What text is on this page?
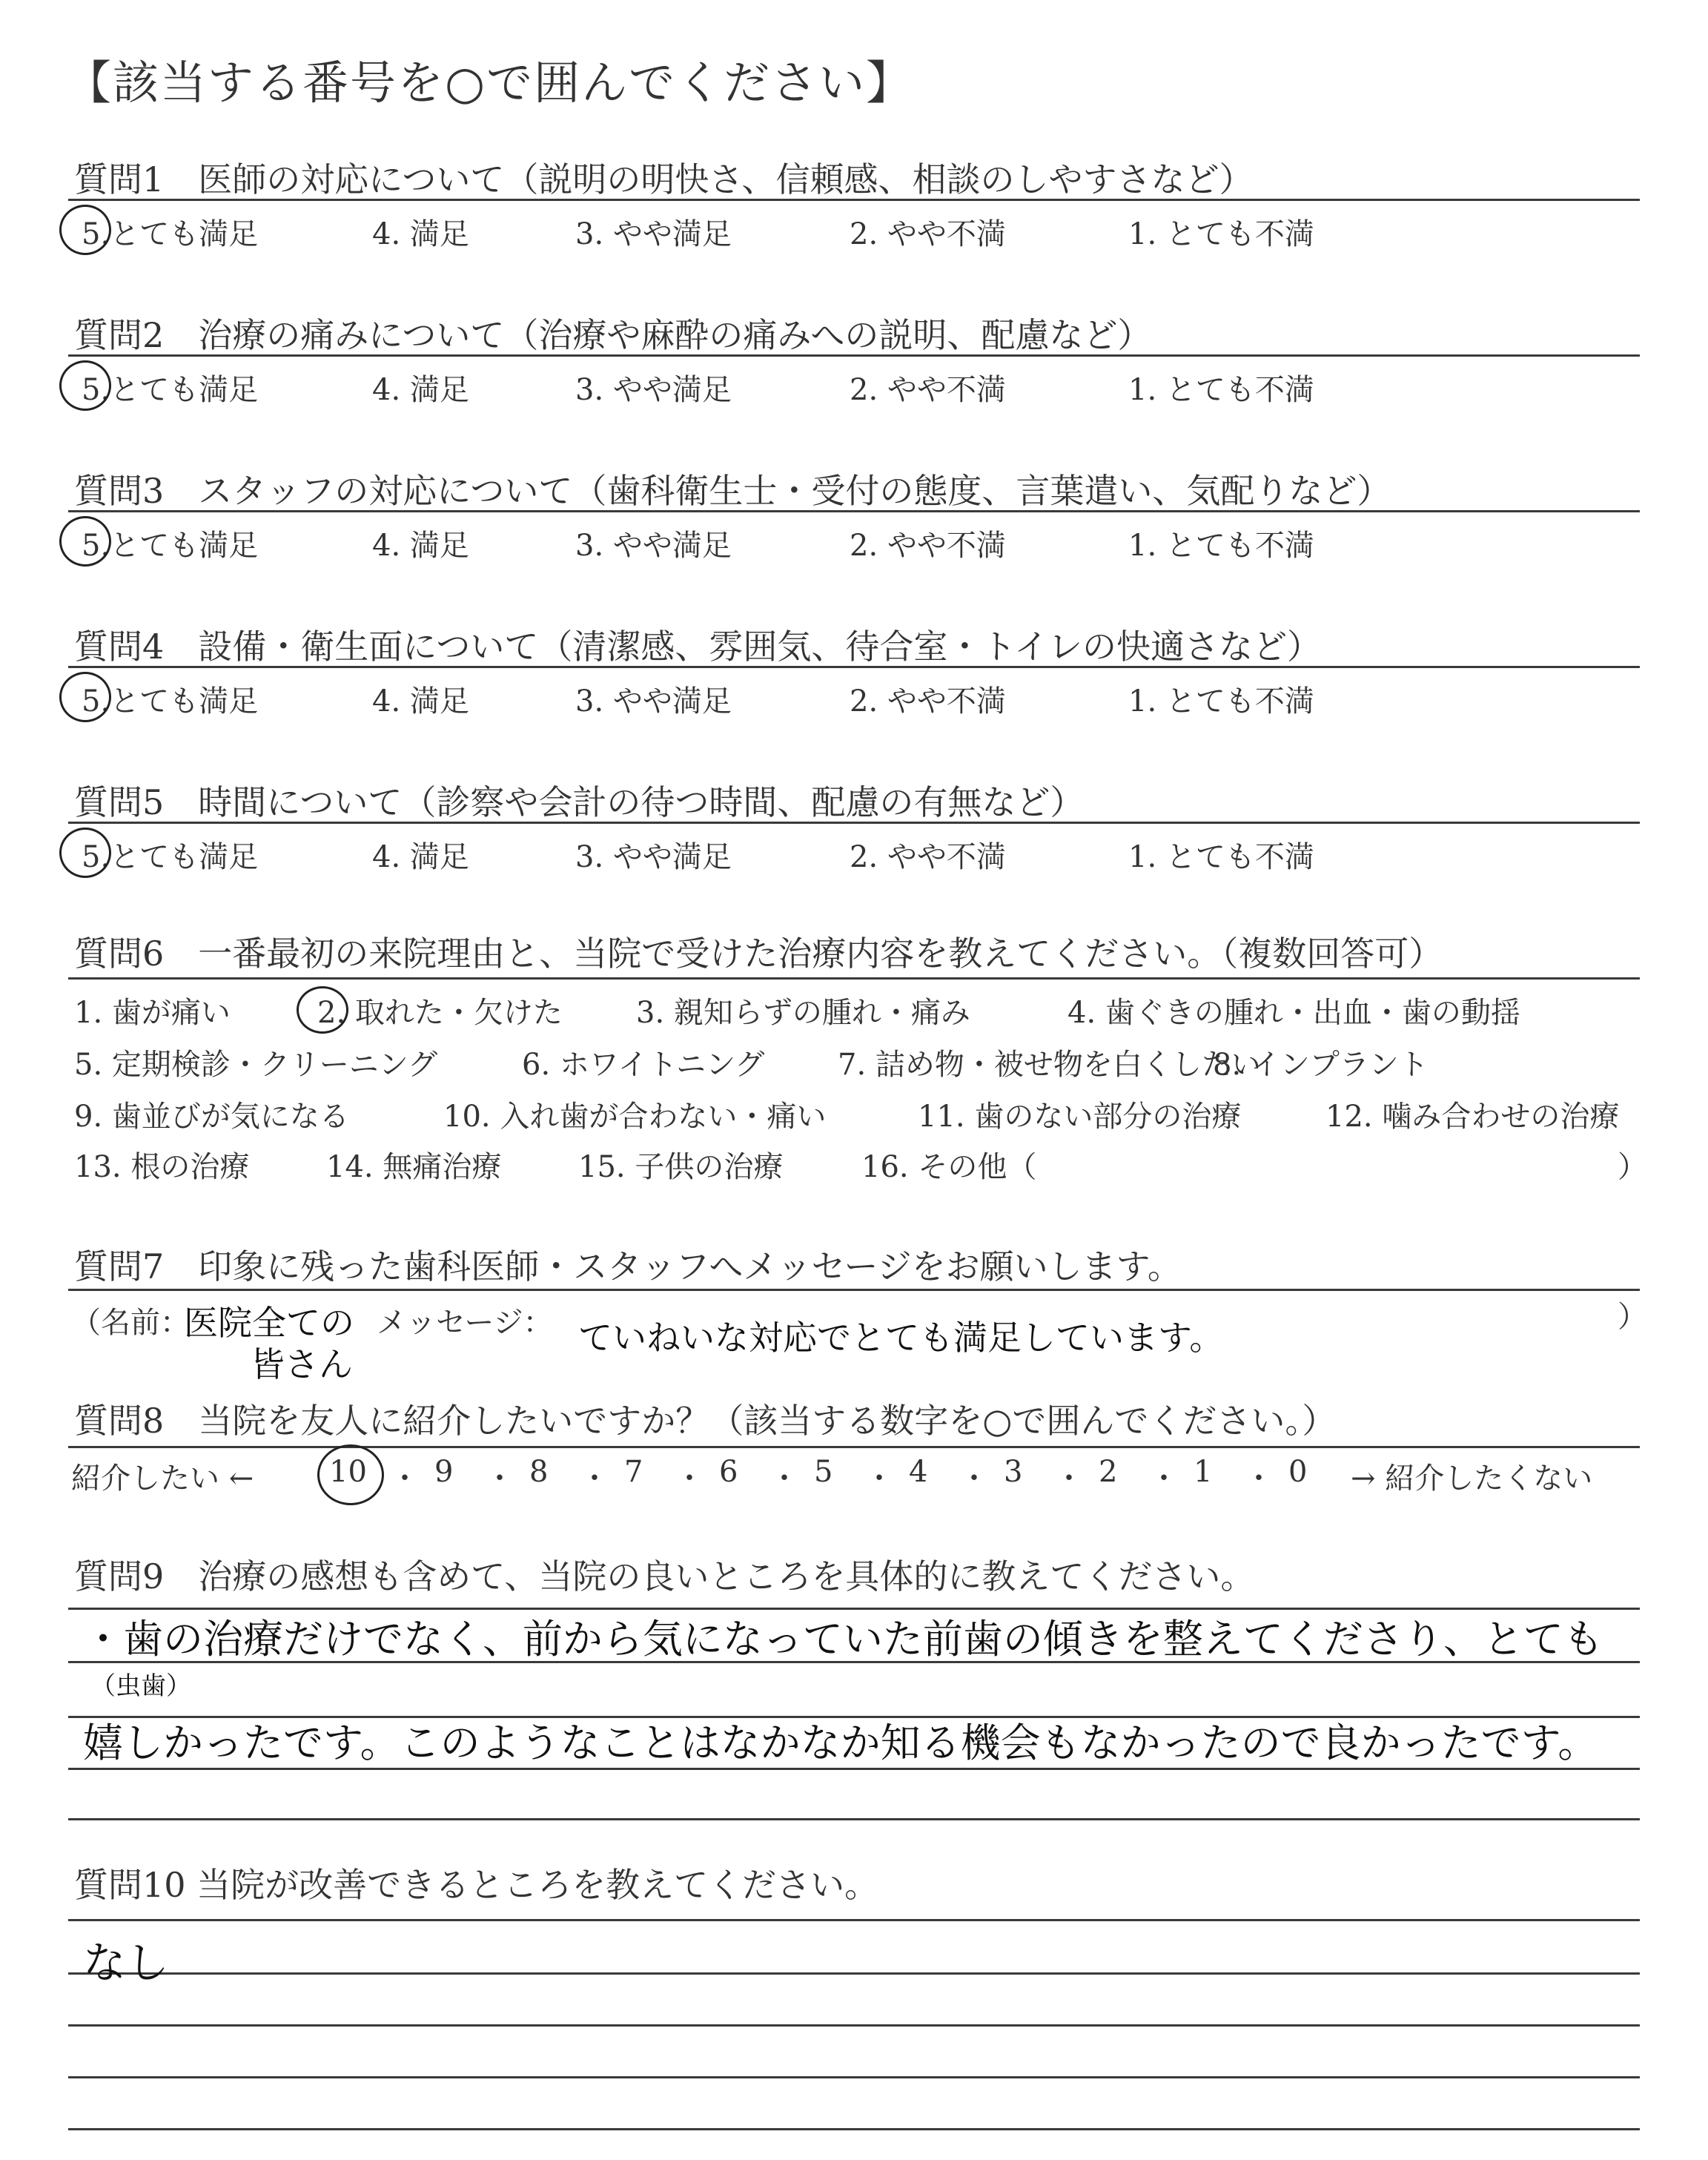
【該当する番号を○で囲んでください】
質問1　医師の対応について（説明の明快さ、信頼感、相談のしやすさなど）
5.とても満足	4. 満足	3. やや満足	2. やや不満	1. とても不満
質問2　治療の痛みについて（治療や麻酔の痛みへの説明、配慮など）
5.とても満足	4. 満足	3. やや満足	2. やや不満	1. とても不満
質問3　スタッフの対応について（歯科衛生士・受付の態度、言葉遣い、気配りなど）
5.とても満足	4. 満足	3. やや満足	2. やや不満	1. とても不満
質問4　設備・衛生面について（清潔感、雰囲気、待合室・トイレの快適さなど）
5.とても満足	4. 満足	3. やや満足	2. やや不満	1. とても不満
質問5　時間について（診察や会計の待つ時間、配慮の有無など）
5.とても満足	4. 満足	3. やや満足	2. やや不満	1. とても不満
質問6　一番最初の来院理由と、当院で受けた治療内容を教えてください。（複数回答可）
1. 歯が痛い	2. 取れた・欠けた 3. 親知らずの腫れ・痛み	4. 歯ぐきの腫れ・出血・歯の動揺
5. 定期検診・クリーニング	6. ホワイトニング 7. 詰め物・被せ物を白くしたい
8. インプラント
9. 歯並びが気になる	10. 入れ歯が合わない・痛い	11. 歯のない部分の治療	12. 噛み合わせの治療
13. 根の治療	14. 無痛治療	15. 子供の治療	16. その他（	）
質問7　印象に残った歯科医師・スタッフへメッセージをお願いします。
（名前：
医院全ての
皆さん
メッセージ： ていねいな対応でとても満足しています。
）
質問8　当院を友人に紹介したいですか？（該当する数字を○で囲んでください。）
紹介したい ←	10 ・ 9 ・ 8 ・ 7 ・ 6 ・ 5 ・ 4 ・ 3 ・ 2 ・ 1 ・ 0 → 紹介したくない
質問9　治療の感想も含めて、当院の良いところを具体的に教えてください。
・歯の治療だけでなく、前から気になっていた前歯の傾きを整えてくださり、とても
（虫歯）
嬉しかったです。このようなことはなかなか知る機会もなかったので良かったです。
質問10 当院が改善できるところを教えてください。
なし
